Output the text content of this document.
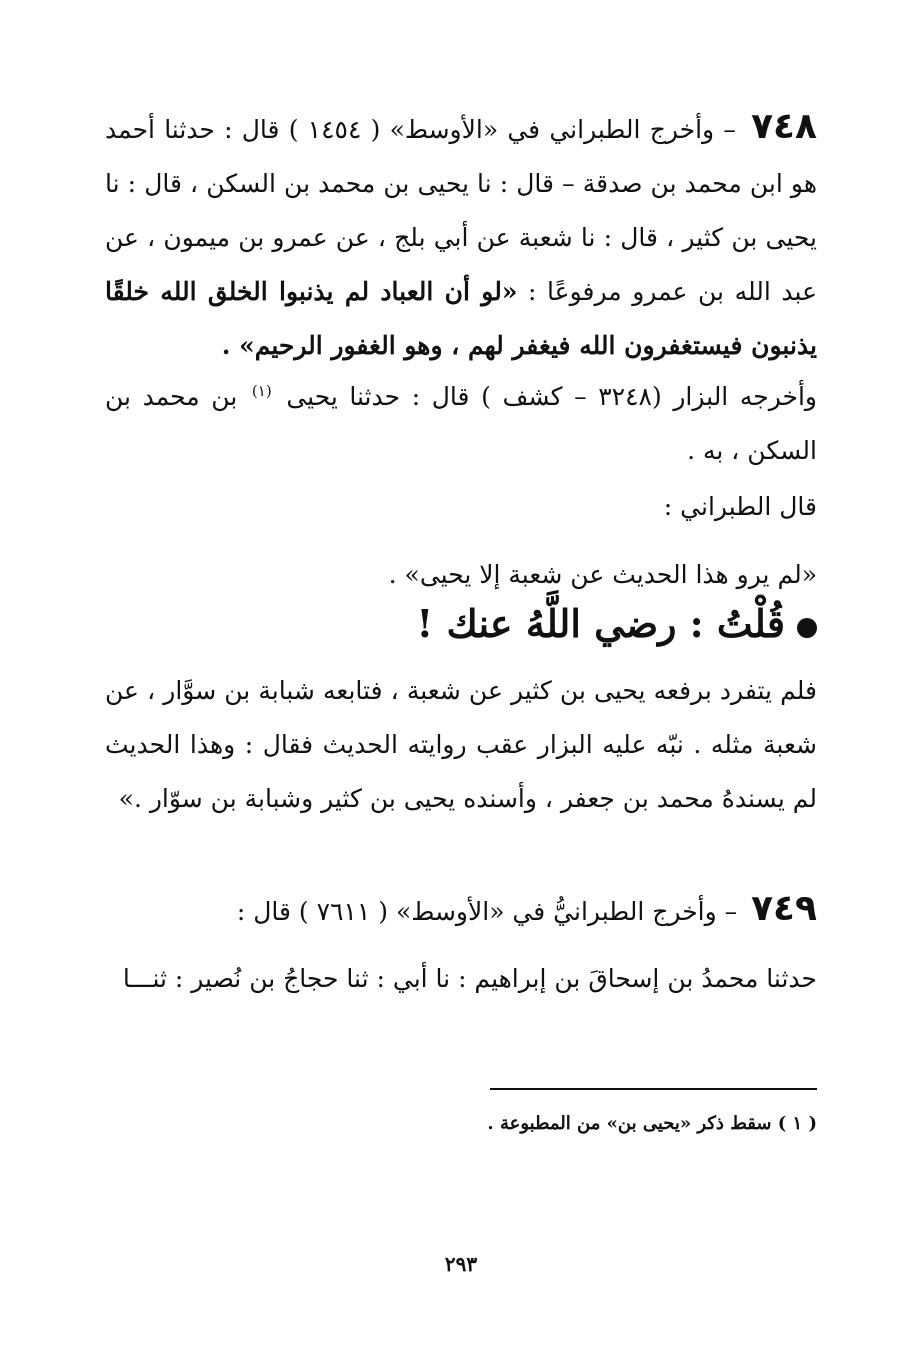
٧٤٨ – وأخرج الطبراني في «الأوسط» ( ١٤٥٤ ) قال : حدثنا أحمد هو ابن محمد بن صدقة – قال : نا يحيى بن محمد بن السكن ، قال : نا يحيى بن كثير ، قال : نا شعبة عن أبي بلج ، عن عمرو بن ميمون ، عن عبد الله بن عمرو مرفوعًا : «لو أن العباد لم يذنبوا الخلق الله خلقًا يذنبون فيستغفرون الله فيغفر لهم ، وهو الغفور الرحيم» .
وأخرجه البزار (٣٢٤٨ – كشف ) قال : حدثنا يحيى $^{(١)}$ بن محمد بن السكن ، به .
قال الطبراني :
«لم يرو هذا الحديث عن شعبة إلا يحيى» .
قُلْتُ : رضي اللَّهُ عنك !
فلم يتفرد برفعه يحيى بن كثير عن شعبة ، فتابعه شبابة بن سوَّار ، عن شعبة مثله . نبّه عليه البزار عقب روايته الحديث فقال : وهذا الحديث لم يسندهُ محمد بن جعفر ، وأسنده يحيى بن كثير وشبابة بن سوّار .»
٧٤٩ – وأخرج الطبرانيُّ في «الأوسط» ( ٧٦١١ ) قال :
حدثنا محمدُ بن إسحاقَ بن إبراهيم : نا أبي : ثنا حجاجُ بن نُصير : ثنـــا
( ١ ) سقط ذكر «يحيى بن» من المطبوعة .
٢٩٣
